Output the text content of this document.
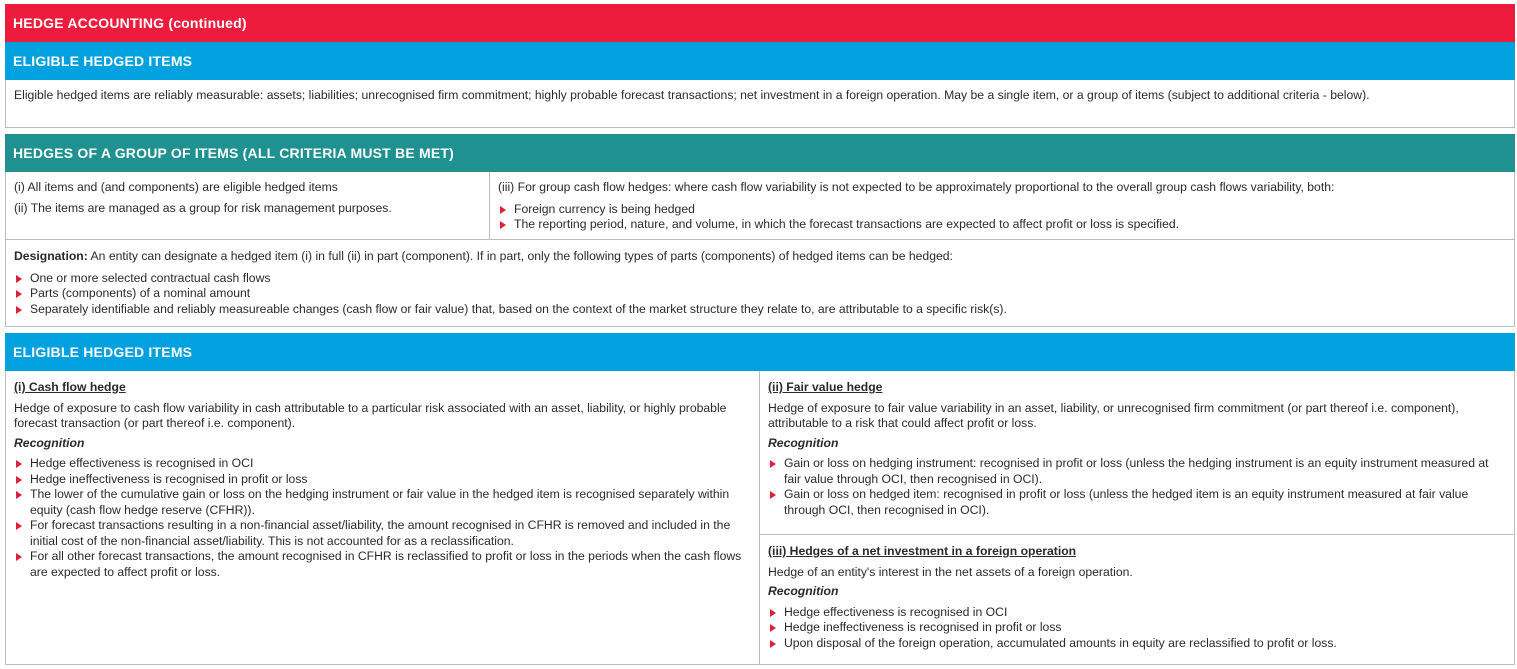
HEDGE ACCOUNTING (continued)
ELIGIBLE HEDGED ITEMS
Eligible hedged items are reliably measurable: assets; liabilities; unrecognised firm commitment; highly probable forecast transactions; net investment in a foreign operation. May be a single item, or a group of items (subject to additional criteria - below).
HEDGES OF A GROUP OF ITEMS (ALL CRITERIA MUST BE MET)

(i) All items and (and components) are eligible hedged items

(ii) The items are managed as a group for risk management purposes.

(iii) For group cash flow hedges: where cash flow variability is not expected to be approximately proportional to the overall group cash flows variability, both:

Foreign currency is being hedged
The reporting period, nature, and volume, in which the forecast transactions are expected to affect profit or loss is specified.

Designation: An entity can designate a hedged item (i) in full (ii) in part (component). If in part, only the following types of parts (components) of hedged items can be hedged:

One or more selected contractual cash flows
Parts (components) of a nominal amount
Separately identifiable and reliably measureable changes (cash flow or fair value) that, based on the context of the market structure they relate to, are attributable to a specific risk(s).
ELIGIBLE HEDGED ITEMS
(i) Cash flow hedge

Hedge of exposure to cash flow variability in cash attributable to a particular risk associated with an asset, liability, or highly probable forecast transaction (or part thereof i.e. component).

Recognition
Hedge effectiveness is recognised in OCI
Hedge ineffectiveness is recognised in profit or loss
The lower of the cumulative gain or loss on the hedging instrument or fair value in the hedged item is recognised separately within equity (cash flow hedge reserve (CFHR)).
For forecast transactions resulting in a non-financial asset/liability, the amount recognised in CFHR is removed and included in the initial cost of the non-financial asset/liability. This is not accounted for as a reclassification.
For all other forecast transactions, the amount recognised in CFHR is reclassified to profit or loss in the periods when the cash flows are expected to affect profit or loss.
(ii) Fair value hedge

Hedge of exposure to fair value variability in an asset, liability, or unrecognised firm commitment (or part thereof i.e. component), attributable to a risk that could affect profit or loss.

Recognition
Gain or loss on hedging instrument: recognised in profit or loss (unless the hedging instrument is an equity instrument measured at fair value through OCI, then recognised in OCI).
Gain or loss on hedged item: recognised in profit or loss (unless the hedged item is an equity instrument measured at fair value through OCI, then recognised in OCI).
(iii) Hedges of a net investment in a foreign operation

Hedge of an entity's interest in the net assets of a foreign operation.

Recognition
Hedge effectiveness is recognised in OCI
Hedge ineffectiveness is recognised in profit or loss
Upon disposal of the foreign operation, accumulated amounts in equity are reclassified to profit or loss.
